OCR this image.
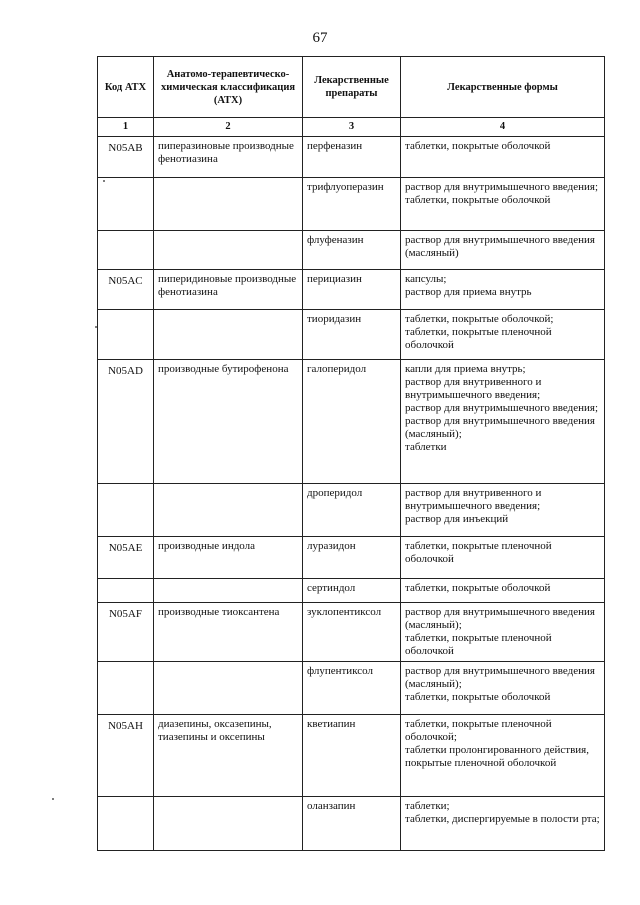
67
Код АТХ	Анатомо-терапевтическо-химическая классификация (АТХ)	Лекарственные препараты	Лекарственные формы
1	2	3	4
N05AB	пиперазиновые производные фенотиазина	перфеназин	таблетки, покрытые оболочкой

		трифлуоперазин	раствор для внутримышечного введения;
таблетки, покрытые оболочкой

		флуфеназин	раствор для внутримышечного введения (масляный)

N05AC	пиперидиновые производные фенотиазина	перициазин	капсулы;
раствор для приема внутрь

		тиоридазин	таблетки, покрытые оболочкой;
таблетки, покрытые пленочной оболочкой

N05AD	производные бутирофенона	галоперидол	капли для приема внутрь;
раствор для внутривенного и внутримышечного введения;
раствор для внутримышечного введения;
раствор для внутримышечного введения (масляный);
таблетки

		дроперидол	раствор для внутривенного и внутримышечного введения;
раствор для инъекций

N05AE	производные индола	луразидон	таблетки, покрытые пленочной оболочкой

		сертиндол	таблетки, покрытые оболочкой

N05AF	производные тиоксантена	зуклопентиксол	раствор для внутримышечного введения (масляный);
таблетки, покрытые пленочной оболочкой

		флупентиксол	раствор для внутримышечного введения (масляный);
таблетки, покрытые оболочкой

N05AH	диазепины, оксазепины, тиазепины и оксепины	кветиапин	таблетки, покрытые пленочной оболочкой;
таблетки пролонгированного действия, покрытые пленочной оболочкой

		оланзапин	таблетки;
таблетки, диспергируемые в полости рта;
